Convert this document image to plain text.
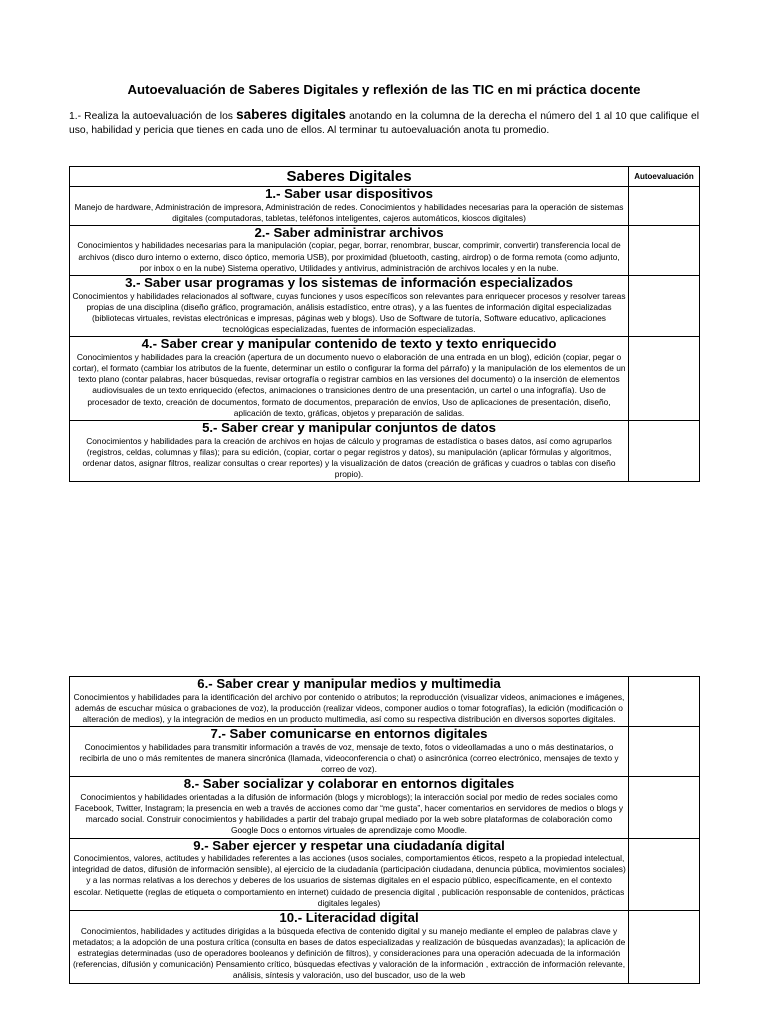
Autoevaluación de Saberes Digitales y reflexión de las TIC en mi práctica docente
1.- Realiza la autoevaluación de los saberes digitales anotando en la columna de la derecha el número del 1 al 10 que califique el uso, habilidad y pericia que tienes en cada uno de ellos. Al terminar tu autoevaluación anota tu promedio.
Saberes Digitales	Autoevaluación

1.- Saber usar dispositivos
Manejo de hardware, Administración de impresora, Administración de redes. Conocimientos y habilidades necesarias para la operación de sistemas digitales (computadoras, tabletas, teléfonos inteligentes, cajeros automáticos, kioscos digitales)	

2.- Saber administrar archivos
Conocimientos y habilidades necesarias para la manipulación (copiar, pegar, borrar, renombrar, buscar, comprimir, convertir) transferencia local de archivos (disco duro interno o externo, disco óptico, memoria USB), por proximidad (bluetooth, casting, airdrop) o de forma remota (como adjunto, por inbox o en la nube) Sistema operativo, Utilidades y antivirus, administración de archivos locales y en la nube.	

3.- Saber usar programas y los sistemas de información especializados
Conocimientos y habilidades relacionados al software, cuyas funciones y usos específicos son relevantes para enriquecer procesos y resolver tareas propias de una disciplina (diseño gráfico, programación, análisis estadístico, entre otras), y a las fuentes de información digital especializadas (bibliotecas virtuales, revistas electrónicas e impresas, páginas web y blogs). Uso de Software de tutoría, Software educativo, aplicaciones tecnológicas especializadas, fuentes de información especializadas.	

4.- Saber crear y manipular contenido de texto y texto enriquecido
Conocimientos y habilidades para la creación (apertura de un documento nuevo o elaboración de una entrada en un blog), edición (copiar, pegar o cortar), el formato (cambiar los atributos de la fuente, determinar un estilo o configurar la forma del párrafo) y la manipulación de los elementos de un texto plano (contar palabras, hacer búsquedas, revisar ortografía o registrar cambios en las versiones del documento) o la inserción de elementos audiovisuales de un texto enriquecido (efectos, animaciones o transiciones dentro de una presentación, un cartel o una infografía). Uso de procesador de texto, creación de documentos, formato de documentos, preparación de envíos, Uso de aplicaciones de presentación, diseño, aplicación de texto, gráficas, objetos y preparación de salidas.	

5.- Saber crear y manipular conjuntos de datos
Conocimientos y habilidades para la creación de archivos en hojas de cálculo y programas de estadística o bases datos, así como agruparlos (registros, celdas, columnas y filas); para su edición, (copiar, cortar o pegar registros y datos), su manipulación (aplicar fórmulas y algoritmos, ordenar datos, asignar filtros, realizar consultas o crear reportes) y la visualización de datos (creación de gráficas y cuadros o tablas con diseño propio).	

6.- Saber crear y manipular medios y multimedia
Conocimientos y habilidades para la identificación del archivo por contenido o atributos; la reproducción (visualizar videos, animaciones e imágenes, además de escuchar música o grabaciones de voz), la producción (realizar videos, componer audios o tomar fotografías), la edición (modificación o alteración de medios), y la integración de medios en un producto multimedia, así como su respectiva distribución en diversos soportes digitales.	

7.- Saber comunicarse en entornos digitales
Conocimientos y habilidades para transmitir información a través de voz, mensaje de texto, fotos o videollamadas a uno o más destinatarios, o recibirla de uno o más remitentes de manera sincrónica (llamada, videoconferencia o chat) o asincrónica (correo electrónico, mensajes de texto y correo de voz).	

8.- Saber socializar y colaborar en entornos digitales
Conocimientos y habilidades orientadas a la difusión de información (blogs y microblogs); la interacción social por medio de redes sociales como Facebook, Twitter, Instagram; la presencia en web a través de acciones como dar “me gusta”, hacer comentarios en servidores de medios o blogs y marcado social. Construir conocimientos y habilidades a partir del trabajo grupal mediado por la web sobre plataformas de colaboración como Google Docs o entornos virtuales de aprendizaje como Moodle.	

9.- Saber ejercer y respetar una ciudadanía digital
Conocimientos, valores, actitudes y habilidades referentes a las acciones (usos sociales, comportamientos éticos, respeto a la propiedad intelectual, integridad de datos, difusión de información sensible), al ejercicio de la ciudadanía (participación ciudadana, denuncia pública, movimientos sociales) y a las normas relativas a los derechos y deberes de los usuarios de sistemas digitales en el espacio público, específicamente, en el contexto escolar. Netiquette (reglas de etiqueta o comportamiento en internet) cuidado de presencia digital , publicación responsable de contenidos, prácticas digitales legales)	

10.- Literacidad digital
Conocimientos, habilidades y actitudes dirigidas a la búsqueda efectiva de contenido digital y su manejo mediante el empleo de palabras clave y metadatos; a la adopción de una postura crítica (consulta en bases de datos especializadas y realización de búsquedas avanzadas); la aplicación de estrategias determinadas (uso de operadores booleanos y definición de filtros), y consideraciones para una operación adecuada de la información (referencias, difusión y comunicación) Pensamiento crítico, búsquedas efectivas y valoración de la información , extracción de información relevante, análisis, síntesis y valoración, uso del buscador, uso de la web	
